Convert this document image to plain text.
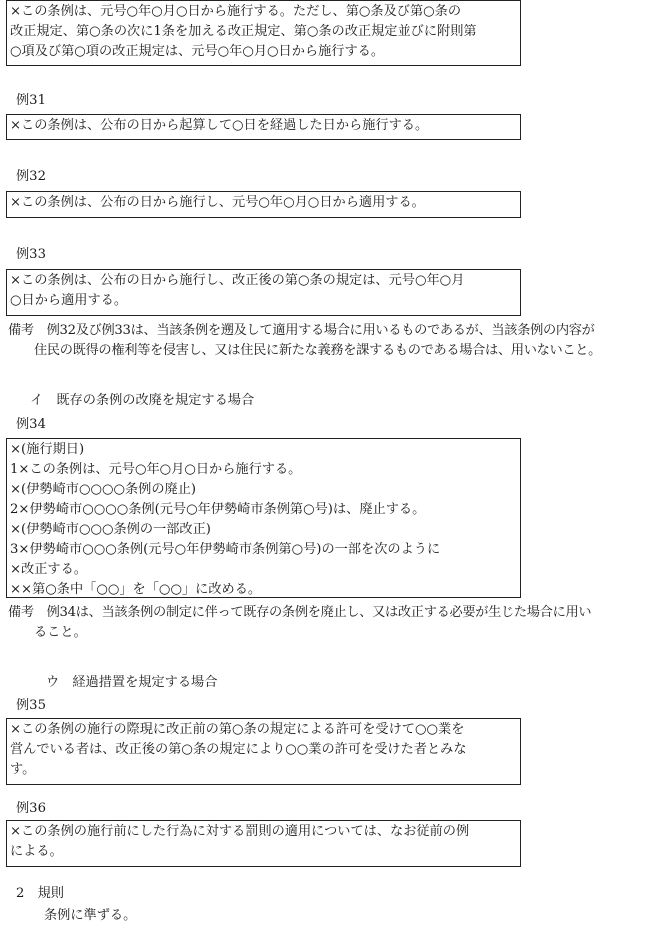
×この条例は、元号○年○月○日から施行する。ただし、第○条及び第○条の
改正規定、第○条の次に1条を加える改正規定、第○条の改正規定並びに附則第
○項及び第○項の改正規定は、元号○年○月○日から施行する。
例31
×この条例は、公布の日から起算して○日を経過した日から施行する。
例32
×この条例は、公布の日から施行し、元号○年○月○日から適用する。
例33
×この条例は、公布の日から施行し、改正後の第○条の規定は、元号○年○月
○日から適用する。
備考　例32及び例33は、当該条例を遡及して適用する場合に用いるものであるが、当該条例の内容が
住民の既得の権利等を侵害し、又は住民に新たな義務を課するものである場合は、用いないこと。
イ　既存の条例の改廃を規定する場合
例34
×(施行期日)
1×この条例は、元号○年○月○日から施行する。
×(伊勢崎市○○○○条例の廃止)
2×伊勢崎市○○○○条例(元号○年伊勢崎市条例第○号)は、廃止する。
×(伊勢崎市○○○条例の一部改正)
3×伊勢崎市○○○条例(元号○年伊勢崎市条例第○号)の一部を次のように
×改正する。
××第○条中「○○」を「○○」に改める。
備考　例34は、当該条例の制定に伴って既存の条例を廃止し、又は改正する必要が生じた場合に用い
ること。
ウ　経過措置を規定する場合
例35
×この条例の施行の際現に改正前の第○条の規定による許可を受けて○○業を
営んでいる者は、改正後の第○条の規定により○○業の許可を受けた者とみな
す。
例36
×この条例の施行前にした行為に対する罰則の適用については、なお従前の例
による。
2　規則
条例に準ずる。
